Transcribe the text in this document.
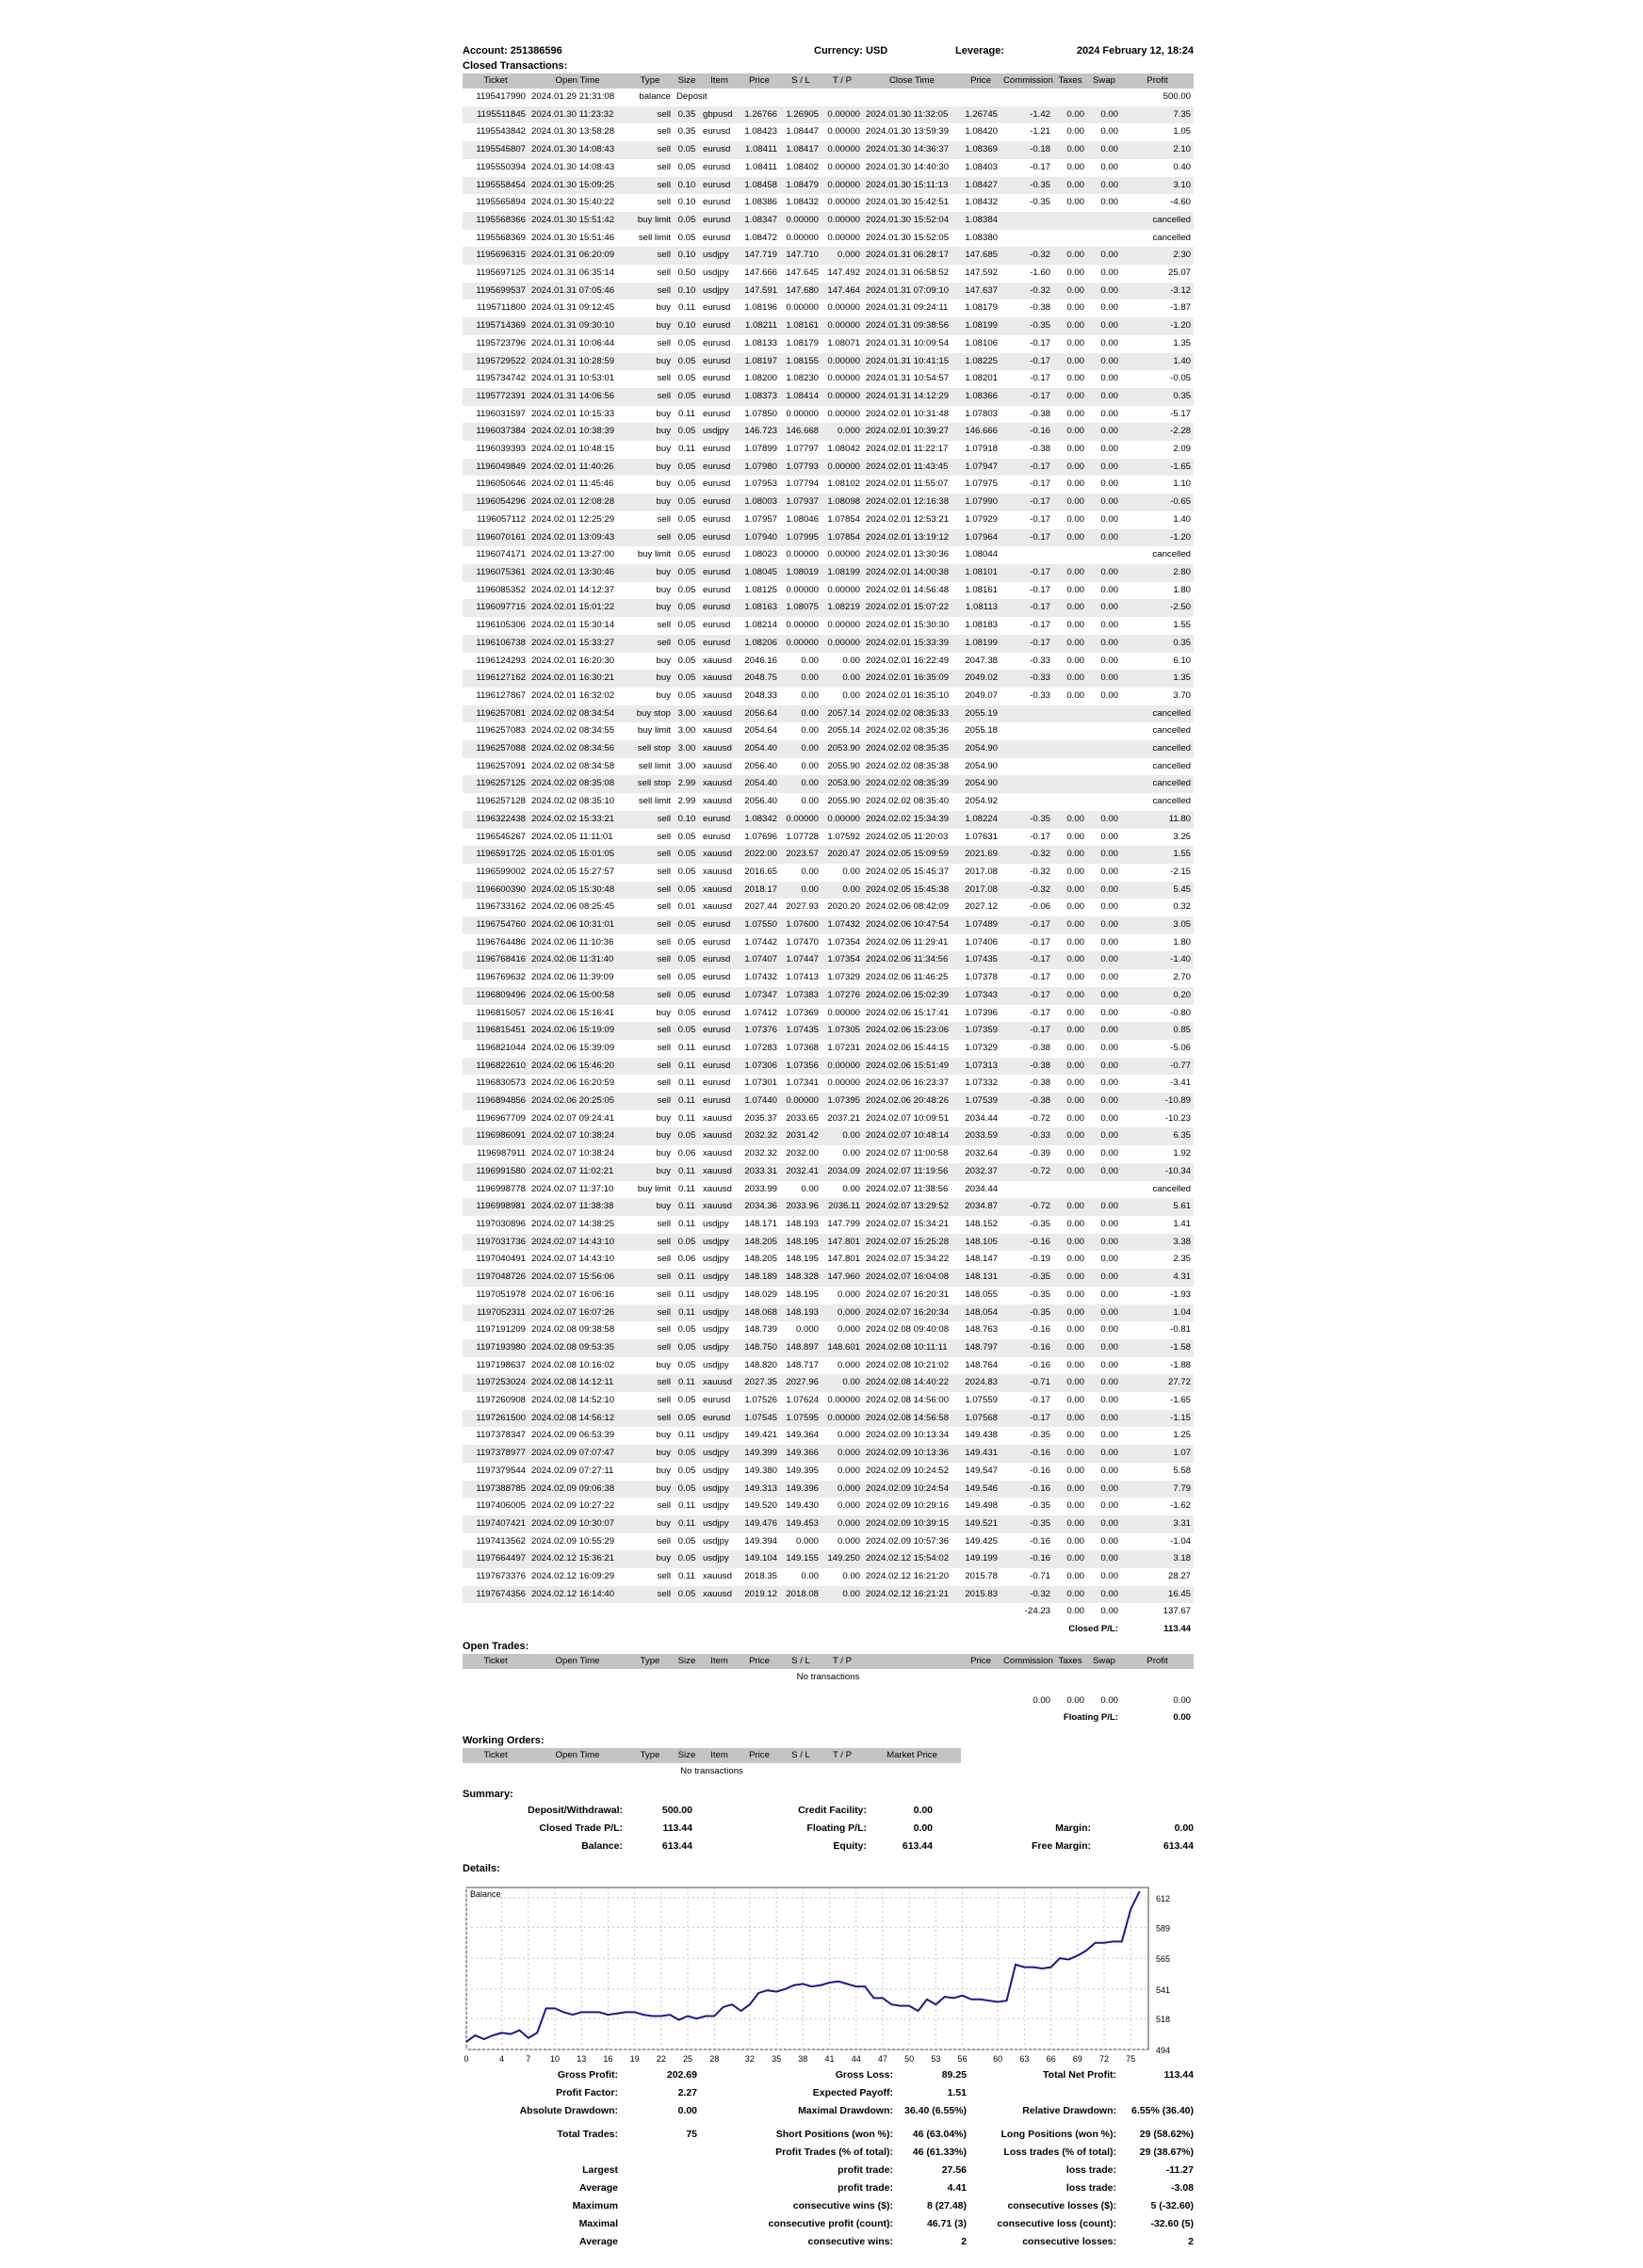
Account: 251386596	Currency: USD	Leverage:	2024 February 12, 18:24
Closed Transactions:
Ticket	Open Time	Type	Size	Item	Price	S / L	T / P	Close Time	Price	Commission	Taxes	Swap	Profit
1195417990	2024.01.29 21:31:08	balance	Deposit										500.00
1195511845	2024.01.30 11:23:32	sell	0.35	gbpusd	1.26766	1.26905	0.00000	2024.01.30 11:32:05	1.26745	-1.42	0.00	0.00	7.35
1195543842	2024.01.30 13:58:28	sell	0.35	eurusd	1.08423	1.08447	0.00000	2024.01.30 13:59:39	1.08420	-1.21	0.00	0.00	1.05
1195545807	2024.01.30 14:08:43	sell	0.05	eurusd	1.08411	1.08417	0.00000	2024.01.30 14:36:37	1.08369	-0.18	0.00	0.00	2.10
1195550394	2024.01.30 14:08:43	sell	0.05	eurusd	1.08411	1.08402	0.00000	2024.01.30 14:40:30	1.08403	-0.17	0.00	0.00	0.40
1195558454	2024.01.30 15:09:25	sell	0.10	eurusd	1.08458	1.08479	0.00000	2024.01.30 15:11:13	1.08427	-0.35	0.00	0.00	3.10
1195565894	2024.01.30 15:40:22	sell	0.10	eurusd	1.08386	1.08432	0.00000	2024.01.30 15:42:51	1.08432	-0.35	0.00	0.00	-4.60
1195568366	2024.01.30 15:51:42	buy limit	0.05	eurusd	1.08347	0.00000	0.00000	2024.01.30 15:52:04	1.08384				cancelled
1195568369	2024.01.30 15:51:46	sell limit	0.05	eurusd	1.08472	0.00000	0.00000	2024.01.30 15:52:05	1.08380				cancelled
1195696315	2024.01.31 06:20:09	sell	0.10	usdjpy	147.719	147.710	0.000	2024.01.31 06:28:17	147.685	-0.32	0.00	0.00	2.30
1195697125	2024.01.31 06:35:14	sell	0.50	usdjpy	147.666	147.645	147.492	2024.01.31 06:58:52	147.592	-1.60	0.00	0.00	25.07
1195699537	2024.01.31 07:05:46	sell	0.10	usdjpy	147.591	147.680	147.464	2024.01.31 07:09:10	147.637	-0.32	0.00	0.00	-3.12
1195711800	2024.01.31 09:12:45	buy	0.11	eurusd	1.08196	0.00000	0.00000	2024.01.31 09:24:11	1.08179	-0.38	0.00	0.00	-1.87
1195714369	2024.01.31 09:30:10	buy	0.10	eurusd	1.08211	1.08161	0.00000	2024.01.31 09:38:56	1.08199	-0.35	0.00	0.00	-1.20
1195723796	2024.01.31 10:06:44	sell	0.05	eurusd	1.08133	1.08179	1.08071	2024.01.31 10:09:54	1.08106	-0.17	0.00	0.00	1.35
1195729522	2024.01.31 10:28:59	buy	0.05	eurusd	1.08197	1.08155	0.00000	2024.01.31 10:41:15	1.08225	-0.17	0.00	0.00	1.40
1195734742	2024.01.31 10:53:01	sell	0.05	eurusd	1.08200	1.08230	0.00000	2024.01.31 10:54:57	1.08201	-0.17	0.00	0.00	-0.05
1195772391	2024.01.31 14:06:56	sell	0.05	eurusd	1.08373	1.08414	0.00000	2024.01.31 14:12:29	1.08366	-0.17	0.00	0.00	0.35
1196031597	2024.02.01 10:15:33	buy	0.11	eurusd	1.07850	0.00000	0.00000	2024.02.01 10:31:48	1.07803	-0.38	0.00	0.00	-5.17
1196037384	2024.02.01 10:38:39	buy	0.05	usdjpy	146.723	146.668	0.000	2024.02.01 10:39:27	146.666	-0.16	0.00	0.00	-2.28
1196039393	2024.02.01 10:48:15	buy	0.11	eurusd	1.07899	1.07797	1.08042	2024.02.01 11:22:17	1.07918	-0.38	0.00	0.00	2.09
1196049849	2024.02.01 11:40:26	buy	0.05	eurusd	1.07980	1.07793	0.00000	2024.02.01 11:43:45	1.07947	-0.17	0.00	0.00	-1.65
1196050646	2024.02.01 11:45:46	buy	0.05	eurusd	1.07953	1.07794	1.08102	2024.02.01 11:55:07	1.07975	-0.17	0.00	0.00	1.10
1196054296	2024.02.01 12:08:28	buy	0.05	eurusd	1.08003	1.07937	1.08098	2024.02.01 12:16:38	1.07990	-0.17	0.00	0.00	-0.65
1196057112	2024.02.01 12:25:29	sell	0.05	eurusd	1.07957	1.08046	1.07854	2024.02.01 12:53:21	1.07929	-0.17	0.00	0.00	1.40
1196070161	2024.02.01 13:09:43	sell	0.05	eurusd	1.07940	1.07995	1.07854	2024.02.01 13:19:12	1.07964	-0.17	0.00	0.00	-1.20
1196074171	2024.02.01 13:27:00	buy limit	0.05	eurusd	1.08023	0.00000	0.00000	2024.02.01 13:30:36	1.08044				cancelled
1196075361	2024.02.01 13:30:46	buy	0.05	eurusd	1.08045	1.08019	1.08199	2024.02.01 14:00:38	1.08101	-0.17	0.00	0.00	2.80
1196085352	2024.02.01 14:12:37	buy	0.05	eurusd	1.08125	0.00000	0.00000	2024.02.01 14:56:48	1.08161	-0.17	0.00	0.00	1.80
1196097715	2024.02.01 15:01:22	buy	0.05	eurusd	1.08163	1.08075	1.08219	2024.02.01 15:07:22	1.08113	-0.17	0.00	0.00	-2.50
1196105306	2024.02.01 15:30:14	sell	0.05	eurusd	1.08214	0.00000	0.00000	2024.02.01 15:30:30	1.08183	-0.17	0.00	0.00	1.55
1196106738	2024.02.01 15:33:27	sell	0.05	eurusd	1.08206	0.00000	0.00000	2024.02.01 15:33:39	1.08199	-0.17	0.00	0.00	0.35
1196124293	2024.02.01 16:20:30	buy	0.05	xauusd	2046.16	0.00	0.00	2024.02.01 16:22:49	2047.38	-0.33	0.00	0.00	6.10
1196127162	2024.02.01 16:30:21	buy	0.05	xauusd	2048.75	0.00	0.00	2024.02.01 16:35:09	2049.02	-0.33	0.00	0.00	1.35
1196127867	2024.02.01 16:32:02	buy	0.05	xauusd	2048.33	0.00	0.00	2024.02.01 16:35:10	2049.07	-0.33	0.00	0.00	3.70
1196257081	2024.02.02 08:34:54	buy stop	3.00	xauusd	2056.64	0.00	2057.14	2024.02.02 08:35:33	2055.19				cancelled
1196257083	2024.02.02 08:34:55	buy limit	3.00	xauusd	2054.64	0.00	2055.14	2024.02.02 08:35:36	2055.18				cancelled
1196257088	2024.02.02 08:34:56	sell stop	3.00	xauusd	2054.40	0.00	2053.90	2024.02.02 08:35:35	2054.90				cancelled
1196257091	2024.02.02 08:34:58	sell limit	3.00	xauusd	2056.40	0.00	2055.90	2024.02.02 08:35:38	2054.90				cancelled
1196257125	2024.02.02 08:35:08	sell stop	2.99	xauusd	2054.40	0.00	2053.90	2024.02.02 08:35:39	2054.90				cancelled
1196257128	2024.02.02 08:35:10	sell limit	2.99	xauusd	2056.40	0.00	2055.90	2024.02.02 08:35:40	2054.92				cancelled
1196322438	2024.02.02 15:33:21	sell	0.10	eurusd	1.08342	0.00000	0.00000	2024.02.02 15:34:39	1.08224	-0.35	0.00	0.00	11.80
1196545267	2024.02.05 11:11:01	sell	0.05	eurusd	1.07696	1.07728	1.07592	2024.02.05 11:20:03	1.07631	-0.17	0.00	0.00	3.25
1196591725	2024.02.05 15:01:05	sell	0.05	xauusd	2022.00	2023.57	2020.47	2024.02.05 15:09:59	2021.69	-0.32	0.00	0.00	1.55
1196599002	2024.02.05 15:27:57	sell	0.05	xauusd	2016.65	0.00	0.00	2024.02.05 15:45:37	2017.08	-0.32	0.00	0.00	-2.15
1196600390	2024.02.05 15:30:48	sell	0.05	xauusd	2018.17	0.00	0.00	2024.02.05 15:45:38	2017.08	-0.32	0.00	0.00	5.45
1196733162	2024.02.06 08:25:45	sell	0.01	xauusd	2027.44	2027.93	2020.20	2024.02.06 08:42:09	2027.12	-0.06	0.00	0.00	0.32
1196754760	2024.02.06 10:31:01	sell	0.05	eurusd	1.07550	1.07600	1.07432	2024.02.06 10:47:54	1.07489	-0.17	0.00	0.00	3.05
1196764486	2024.02.06 11:10:36	sell	0.05	eurusd	1.07442	1.07470	1.07354	2024.02.06 11:29:41	1.07406	-0.17	0.00	0.00	1.80
1196768416	2024.02.06 11:31:40	sell	0.05	eurusd	1.07407	1.07447	1.07354	2024.02.06 11:34:56	1.07435	-0.17	0.00	0.00	-1.40
1196769632	2024.02.06 11:39:09	sell	0.05	eurusd	1.07432	1.07413	1.07329	2024.02.06 11:46:25	1.07378	-0.17	0.00	0.00	2.70
1196809496	2024.02.06 15:00:58	sell	0.05	eurusd	1.07347	1.07383	1.07276	2024.02.06 15:02:39	1.07343	-0.17	0.00	0.00	0.20
1196815057	2024.02.06 15:16:41	buy	0.05	eurusd	1.07412	1.07369	0.00000	2024.02.06 15:17:41	1.07396	-0.17	0.00	0.00	-0.80
1196815451	2024.02.06 15:19:09	sell	0.05	eurusd	1.07376	1.07435	1.07305	2024.02.06 15:23:06	1.07359	-0.17	0.00	0.00	0.85
1196821044	2024.02.06 15:39:09	sell	0.11	eurusd	1.07283	1.07368	1.07231	2024.02.06 15:44:15	1.07329	-0.38	0.00	0.00	-5.06
1196822610	2024.02.06 15:46:20	sell	0.11	eurusd	1.07306	1.07356	0.00000	2024.02.06 15:51:49	1.07313	-0.38	0.00	0.00	-0.77
1196830573	2024.02.06 16:20:59	sell	0.11	eurusd	1.07301	1.07341	0.00000	2024.02.06 16:23:37	1.07332	-0.38	0.00	0.00	-3.41
1196894856	2024.02.06 20:25:05	sell	0.11	eurusd	1.07440	0.00000	1.07395	2024.02.06 20:48:26	1.07539	-0.38	0.00	0.00	-10.89
1196967709	2024.02.07 09:24:41	buy	0.11	xauusd	2035.37	2033.65	2037.21	2024.02.07 10:09:51	2034.44	-0.72	0.00	0.00	-10.23
1196986091	2024.02.07 10:38:24	buy	0.05	xauusd	2032.32	2031.42	0.00	2024.02.07 10:48:14	2033.59	-0.33	0.00	0.00	6.35
1196987911	2024.02.07 10:38:24	buy	0.06	xauusd	2032.32	2032.00	0.00	2024.02.07 11:00:58	2032.64	-0.39	0.00	0.00	1.92
1196991580	2024.02.07 11:02:21	buy	0.11	xauusd	2033.31	2032.41	2034.09	2024.02.07 11:19:56	2032.37	-0.72	0.00	0.00	-10.34
1196998778	2024.02.07 11:37:10	buy limit	0.11	xauusd	2033.99	0.00	0.00	2024.02.07 11:38:56	2034.44				cancelled
1196998981	2024.02.07 11:38:38	buy	0.11	xauusd	2034.36	2033.96	2036.11	2024.02.07 13:29:52	2034.87	-0.72	0.00	0.00	5.61
1197030896	2024.02.07 14:38:25	sell	0.11	usdjpy	148.171	148.193	147.799	2024.02.07 15:34:21	148.152	-0.35	0.00	0.00	1.41
1197031736	2024.02.07 14:43:10	sell	0.05	usdjpy	148.205	148.195	147.801	2024.02.07 15:25:28	148.105	-0.16	0.00	0.00	3.38
1197040491	2024.02.07 14:43:10	sell	0.06	usdjpy	148.205	148.195	147.801	2024.02.07 15:34:22	148.147	-0.19	0.00	0.00	2.35
1197048726	2024.02.07 15:56:06	sell	0.11	usdjpy	148.189	148.328	147.960	2024.02.07 16:04:08	148.131	-0.35	0.00	0.00	4.31
1197051978	2024.02.07 16:06:16	sell	0.11	usdjpy	148.029	148.195	0.000	2024.02.07 16:20:31	148.055	-0.35	0.00	0.00	-1.93
1197052311	2024.02.07 16:07:26	sell	0.11	usdjpy	148.068	148.193	0.000	2024.02.07 16:20:34	148.054	-0.35	0.00	0.00	1.04
1197191209	2024.02.08 09:38:58	sell	0.05	usdjpy	148.739	0.000	0.000	2024.02.08 09:40:08	148.763	-0.16	0.00	0.00	-0.81
1197193980	2024.02.08 09:53:35	sell	0.05	usdjpy	148.750	148.897	148.601	2024.02.08 10:11:11	148.797	-0.16	0.00	0.00	-1.58
1197198637	2024.02.08 10:16:02	buy	0.05	usdjpy	148.820	148.717	0.000	2024.02.08 10:21:02	148.764	-0.16	0.00	0.00	-1.88
1197253024	2024.02.08 14:12:11	sell	0.11	xauusd	2027.35	2027.96	0.00	2024.02.08 14:40:22	2024.83	-0.71	0.00	0.00	27.72
1197260908	2024.02.08 14:52:10	sell	0.05	eurusd	1.07526	1.07624	0.00000	2024.02.08 14:56:00	1.07559	-0.17	0.00	0.00	-1.65
1197261500	2024.02.08 14:56:12	sell	0.05	eurusd	1.07545	1.07595	0.00000	2024.02.08 14:56:58	1.07568	-0.17	0.00	0.00	-1.15
1197378347	2024.02.09 06:53:39	buy	0.11	usdjpy	149.421	149.364	0.000	2024.02.09 10:13:34	149.438	-0.35	0.00	0.00	1.25
1197378977	2024.02.09 07:07:47	buy	0.05	usdjpy	149.399	149.366	0.000	2024.02.09 10:13:36	149.431	-0.16	0.00	0.00	1.07
1197379544	2024.02.09 07:27:11	buy	0.05	usdjpy	149.380	149.395	0.000	2024.02.09 10:24:52	149.547	-0.16	0.00	0.00	5.58
1197388785	2024.02.09 09:06:38	buy	0.05	usdjpy	149.313	149.396	0.000	2024.02.09 10:24:54	149.546	-0.16	0.00	0.00	7.79
1197406005	2024.02.09 10:27:22	sell	0.11	usdjpy	149.520	149.430	0.000	2024.02.09 10:29:16	149.498	-0.35	0.00	0.00	-1.62
1197407421	2024.02.09 10:30:07	buy	0.11	usdjpy	149.476	149.453	0.000	2024.02.09 10:39:15	149.521	-0.35	0.00	0.00	3.31
1197413562	2024.02.09 10:55:29	sell	0.05	usdjpy	149.394	0.000	0.000	2024.02.09 10:57:36	149.425	-0.16	0.00	0.00	-1.04
1197664497	2024.02.12 15:36:21	buy	0.05	usdjpy	149.104	149.155	149.250	2024.02.12 15:54:02	149.199	-0.16	0.00	0.00	3.18
1197673376	2024.02.12 16:09:29	sell	0.11	xauusd	2018.35	0.00	0.00	2024.02.12 16:21:20	2015.78	-0.71	0.00	0.00	28.27
1197674356	2024.02.12 16:14:40	sell	0.05	xauusd	2019.12	2018.08	0.00	2024.02.12 16:21:21	2015.83	-0.32	0.00	0.00	16.45
										-24.23	0.00	0.00	137.67
										Closed P/L:			113.44
Open Trades:
Ticket	Open Time	Type	Size	Item	Price	S / L	T / P		Price	Commission	Taxes	Swap	Profit
No transactions													

										0.00	0.00	0.00	0.00
										Floating P/L:			0.00
Working Orders:
Ticket	Open Time	Type	Size	Item	Price	S / L	T / P	Market Price	
No transactions									
Summary:
Deposit/Withdrawal:	500.00	Credit Facility:	0.00
Closed Trade P/L:	113.44	Floating P/L:	0.00	Margin:	0.00
Balance:	613.44	Equity:	613.44	Free Margin:	613.44
Details:
612
589
565
541
518
494
0	4	7 10 13 16 19 22 25 28	32 35 38 41 44 47 50 53 56	60 63 66 69 72 75
Balance
Gross Profit:	202.69	Gross Loss:	89.25	Total Net Profit:	113.44
Profit Factor:	2.27	Expected Payoff:	1.51
Absolute Drawdown:	0.00	Maximal Drawdown:	36.40 (6.55%)	Relative Drawdown:	6.55% (36.40)
Total Trades:	75	Short Positions (won %):	46 (63.04%)	Long Positions (won %):	29 (58.62%)
Profit Trades (% of total):	46 (61.33%)	Loss trades (% of total):	29 (38.67%)
Largest	profit trade:	27.56	loss trade:	-11.27
Average	profit trade:	4.41	loss trade:	-3.08
Maximum	consecutive wins ($):	8 (27.48)	consecutive losses ($):	5 (-32.60)
Maximal	consecutive profit (count):	46.71 (3)	consecutive loss (count):	-32.60 (5)
Average	consecutive wins:	2	consecutive losses:	2
